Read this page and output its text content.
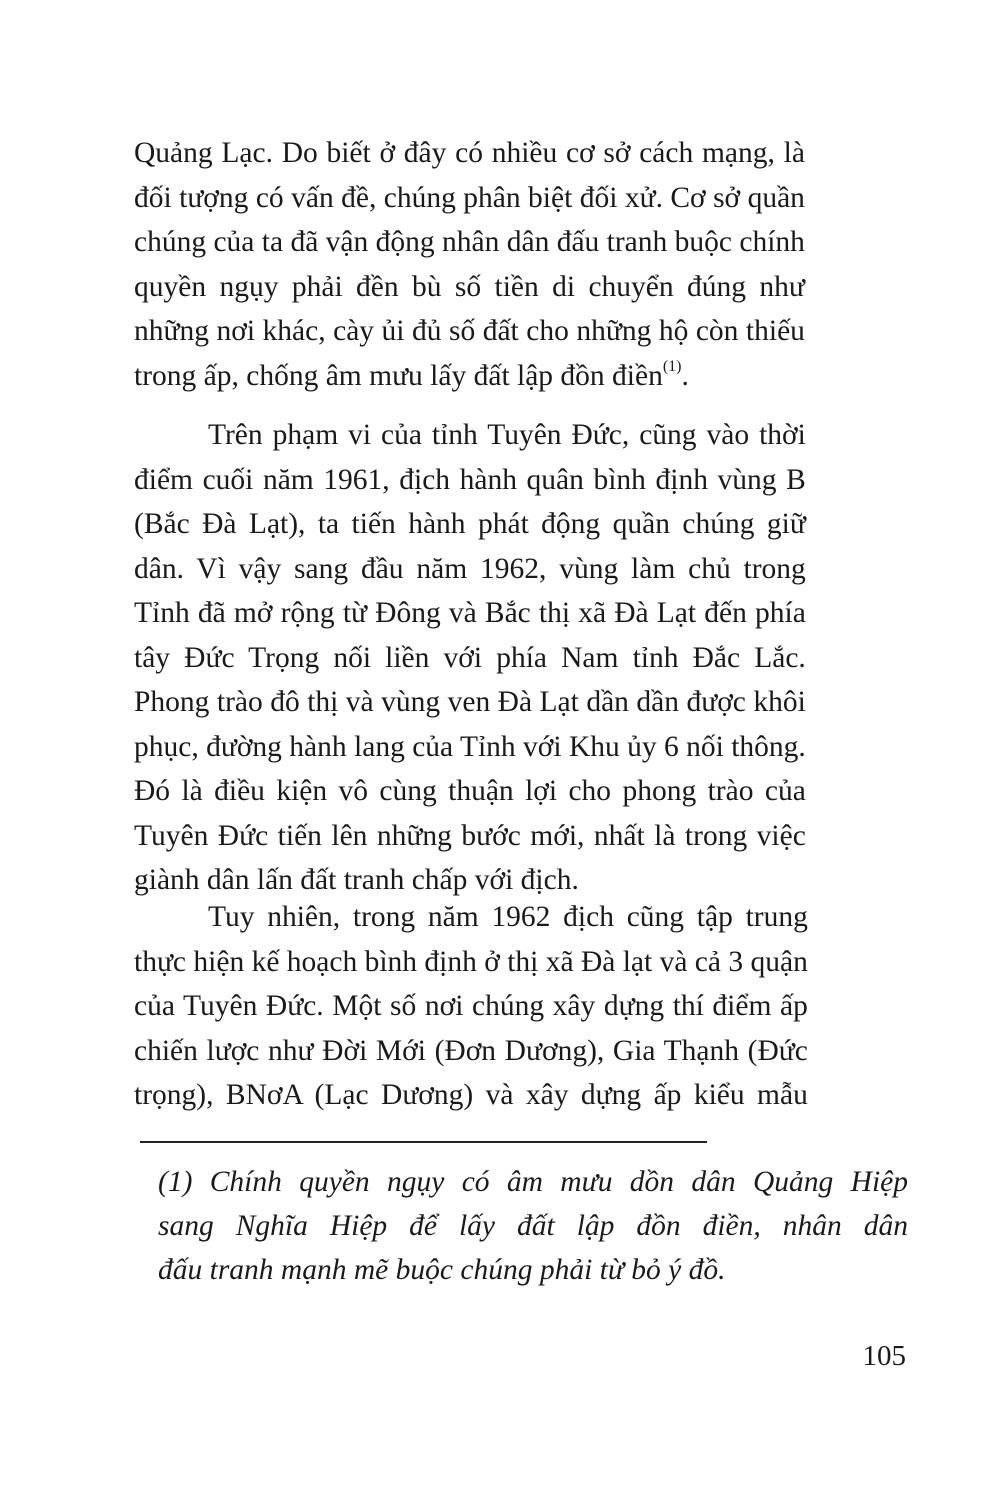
Quảng Lạc. Do biết ở đây có nhiều cơ sở cách mạng, là
đối tượng có vấn đề, chúng phân biệt đối xử. Cơ sở quần
chúng của ta đã vận động nhân dân đấu tranh buộc chính
quyền ngụy phải đền bù số tiền di chuyển đúng như
những nơi khác, cày ủi đủ số đất cho những hộ còn thiếu
trong ấp, chống âm mưu lấy đất lập đồn điền$^{(1)}$.

Trên phạm vi của tỉnh Tuyên Đức, cũng vào thời
điểm cuối năm 1961, địch hành quân bình định vùng B
(Bắc Đà Lạt), ta tiến hành phát động quần chúng giữ
dân. Vì vậy sang đầu năm 1962, vùng làm chủ trong
Tỉnh đã mở rộng từ Đông và Bắc thị xã Đà Lạt đến phía
tây Đức Trọng nối liền với phía Nam tỉnh Đắc Lắc.
Phong trào đô thị và vùng ven Đà Lạt dần dần được khôi
phục, đường hành lang của Tỉnh với Khu ủy 6 nối thông.
Đó là điều kiện vô cùng thuận lợi cho phong trào của
Tuyên Đức tiến lên những bước mới, nhất là trong việc
giành dân lấn đất tranh chấp với địch.

Tuy nhiên, trong năm 1962 địch cũng tập trung
thực hiện kế hoạch bình định ở thị xã Đà lạt và cả 3 quận
của Tuyên Đức. Một số nơi chúng xây dựng thí điểm ấp
chiến lược như Đời Mới (Đơn Dương), Gia Thạnh (Đức
trọng), BNơA (Lạc Dương) và xây dựng ấp kiểu mẫu

(1) Chính quyền ngụy có âm mưu dồn dân Quảng Hiệp
sang Nghĩa Hiệp để lấy đất lập đồn điền, nhân dân
đấu tranh mạnh mẽ buộc chúng phải từ bỏ ý đồ.
105
